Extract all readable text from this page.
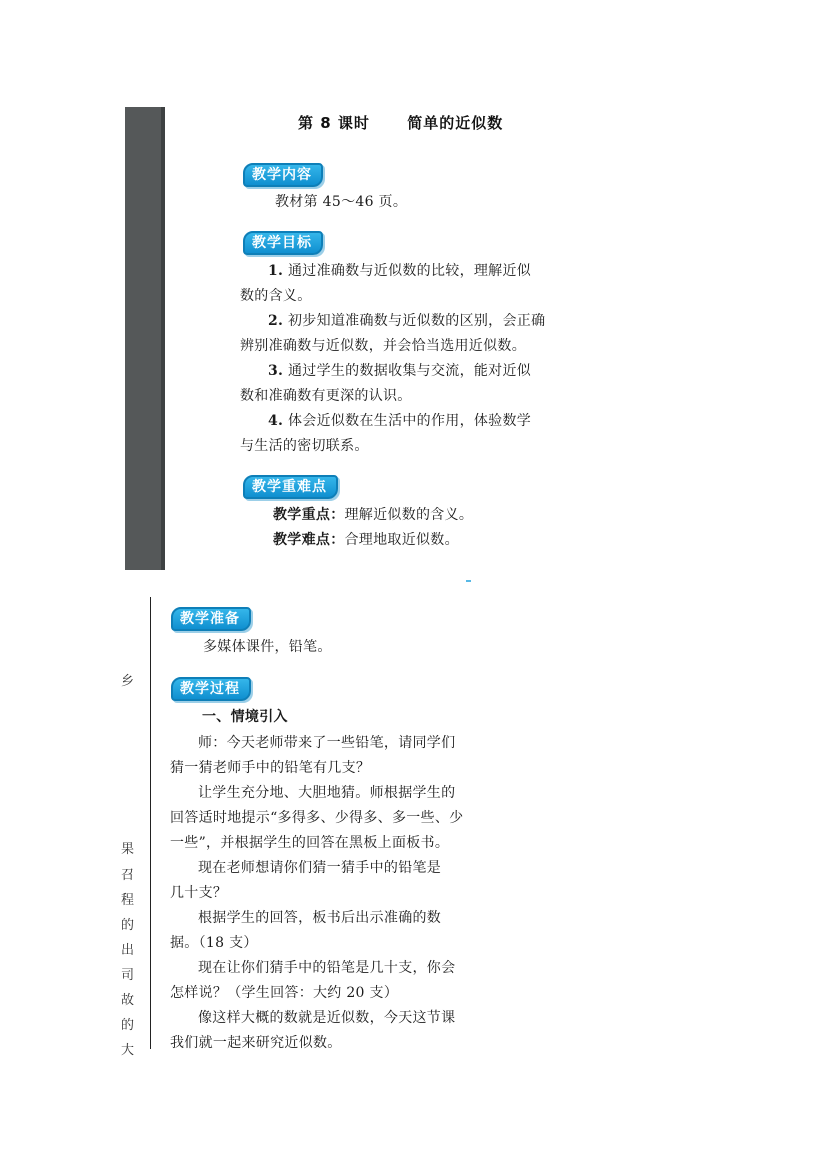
第 8 课时 简单的近似数
教学内容

教材第 45～46 页。

教学目标
1. 通过准确数与近似数的比较，理解近似
数的含义。
2. 初步知道准确数与近似数的区别，会正确
辨别准确数与近似数，并会恰当选用近似数。
3. 通过学生的数据收集与交流，能对近似
数和准确数有更深的认识。
4. 体会近似数在生活中的作用，体验数学
与生活的密切联系。
教学重难点
教学重点：理解近似数的含义。
教学难点：合理地取近似数。
乡
果
召
程
的
出
司
故
的
大
教学准备

多媒体课件，铅笔。

教学过程

一、情境引入

师：今天老师带来了一些铅笔，请同学们
猜一猜老师手中的铅笔有几支？
让学生充分地、大胆地猜。师根据学生的
回答适时地提示“多得多、少得多、多一些、少
一些”，并根据学生的回答在黑板上面板书。
现在老师想请你们猜一猜手中的铅笔是
几十支？
根据学生的回答，板书后出示准确的数
据。（18 支）
现在让你们猜手中的铅笔是几十支，你会
怎样说？（学生回答：大约 20 支）
像这样大概的数就是近似数，今天这节课
我们就一起来研究近似数。
